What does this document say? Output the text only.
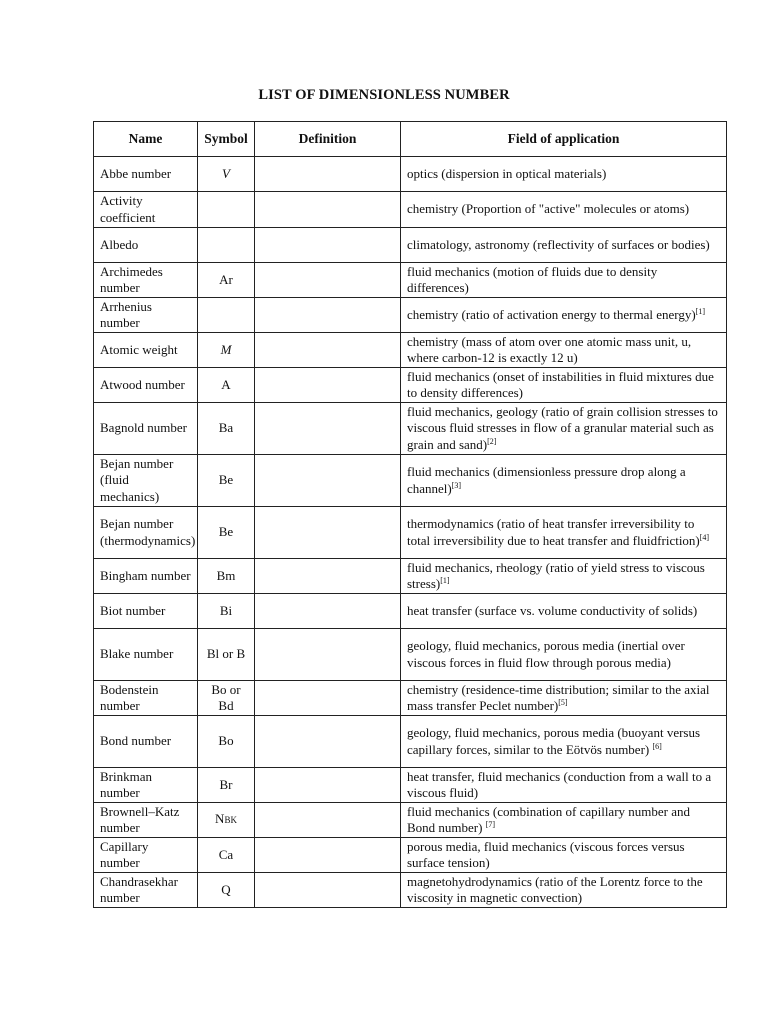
LIST OF DIMENSIONLESS NUMBER
Name	Symbol	Definition	Field of application
Abbe number	V		optics (dispersion in optical materials)
Activity coefficient			chemistry (Proportion of "active" molecules or atoms)
Albedo			climatology, astronomy (reflectivity of surfaces or bodies)
Archimedes number	Ar		fluid mechanics (motion of fluids due to density differences)
Arrhenius number			chemistry (ratio of activation energy to thermal energy)[1]
Atomic weight	M		chemistry (mass of atom over one atomic mass unit, u, where carbon-12 is exactly 12 u)
Atwood number	A		fluid mechanics (onset of instabilities in fluid mixtures due to density differences)
Bagnold number	Ba		fluid mechanics, geology (ratio of grain collision stresses to viscous fluid stresses in flow of a granular material such as grain and sand)[2]
Bejan number (fluid mechanics)	Be		fluid mechanics (dimensionless pressure drop along a channel)[3]
Bejan number (thermodynamics)	Be		thermodynamics (ratio of heat transfer irreversibility to total irreversibility due to heat transfer and fluidfriction)[4]
Bingham number	Bm		fluid mechanics, rheology (ratio of yield stress to viscous stress)[1]
Biot number	Bi		heat transfer (surface vs. volume conductivity of solids)
Blake number	Bl or B		geology, fluid mechanics, porous media (inertial over viscous forces in fluid flow through porous media)
Bodenstein number	Bo or Bd		chemistry (residence-time distribution; similar to the axial mass transfer Peclet number)[5]
Bond number	Bo		geology, fluid mechanics, porous media (buoyant versus capillary forces, similar to the Eötvös number) [6]
Brinkman number	Br		heat transfer, fluid mechanics (conduction from a wall to a viscous fluid)
Brownell–Katz number	NBK		fluid mechanics (combination of capillary number and Bond number) [7]
Capillary number	Ca		porous media, fluid mechanics (viscous forces versus surface tension)
Chandrasekhar number	Q		magnetohydrodynamics (ratio of the Lorentz force to the viscosity in magnetic convection)
